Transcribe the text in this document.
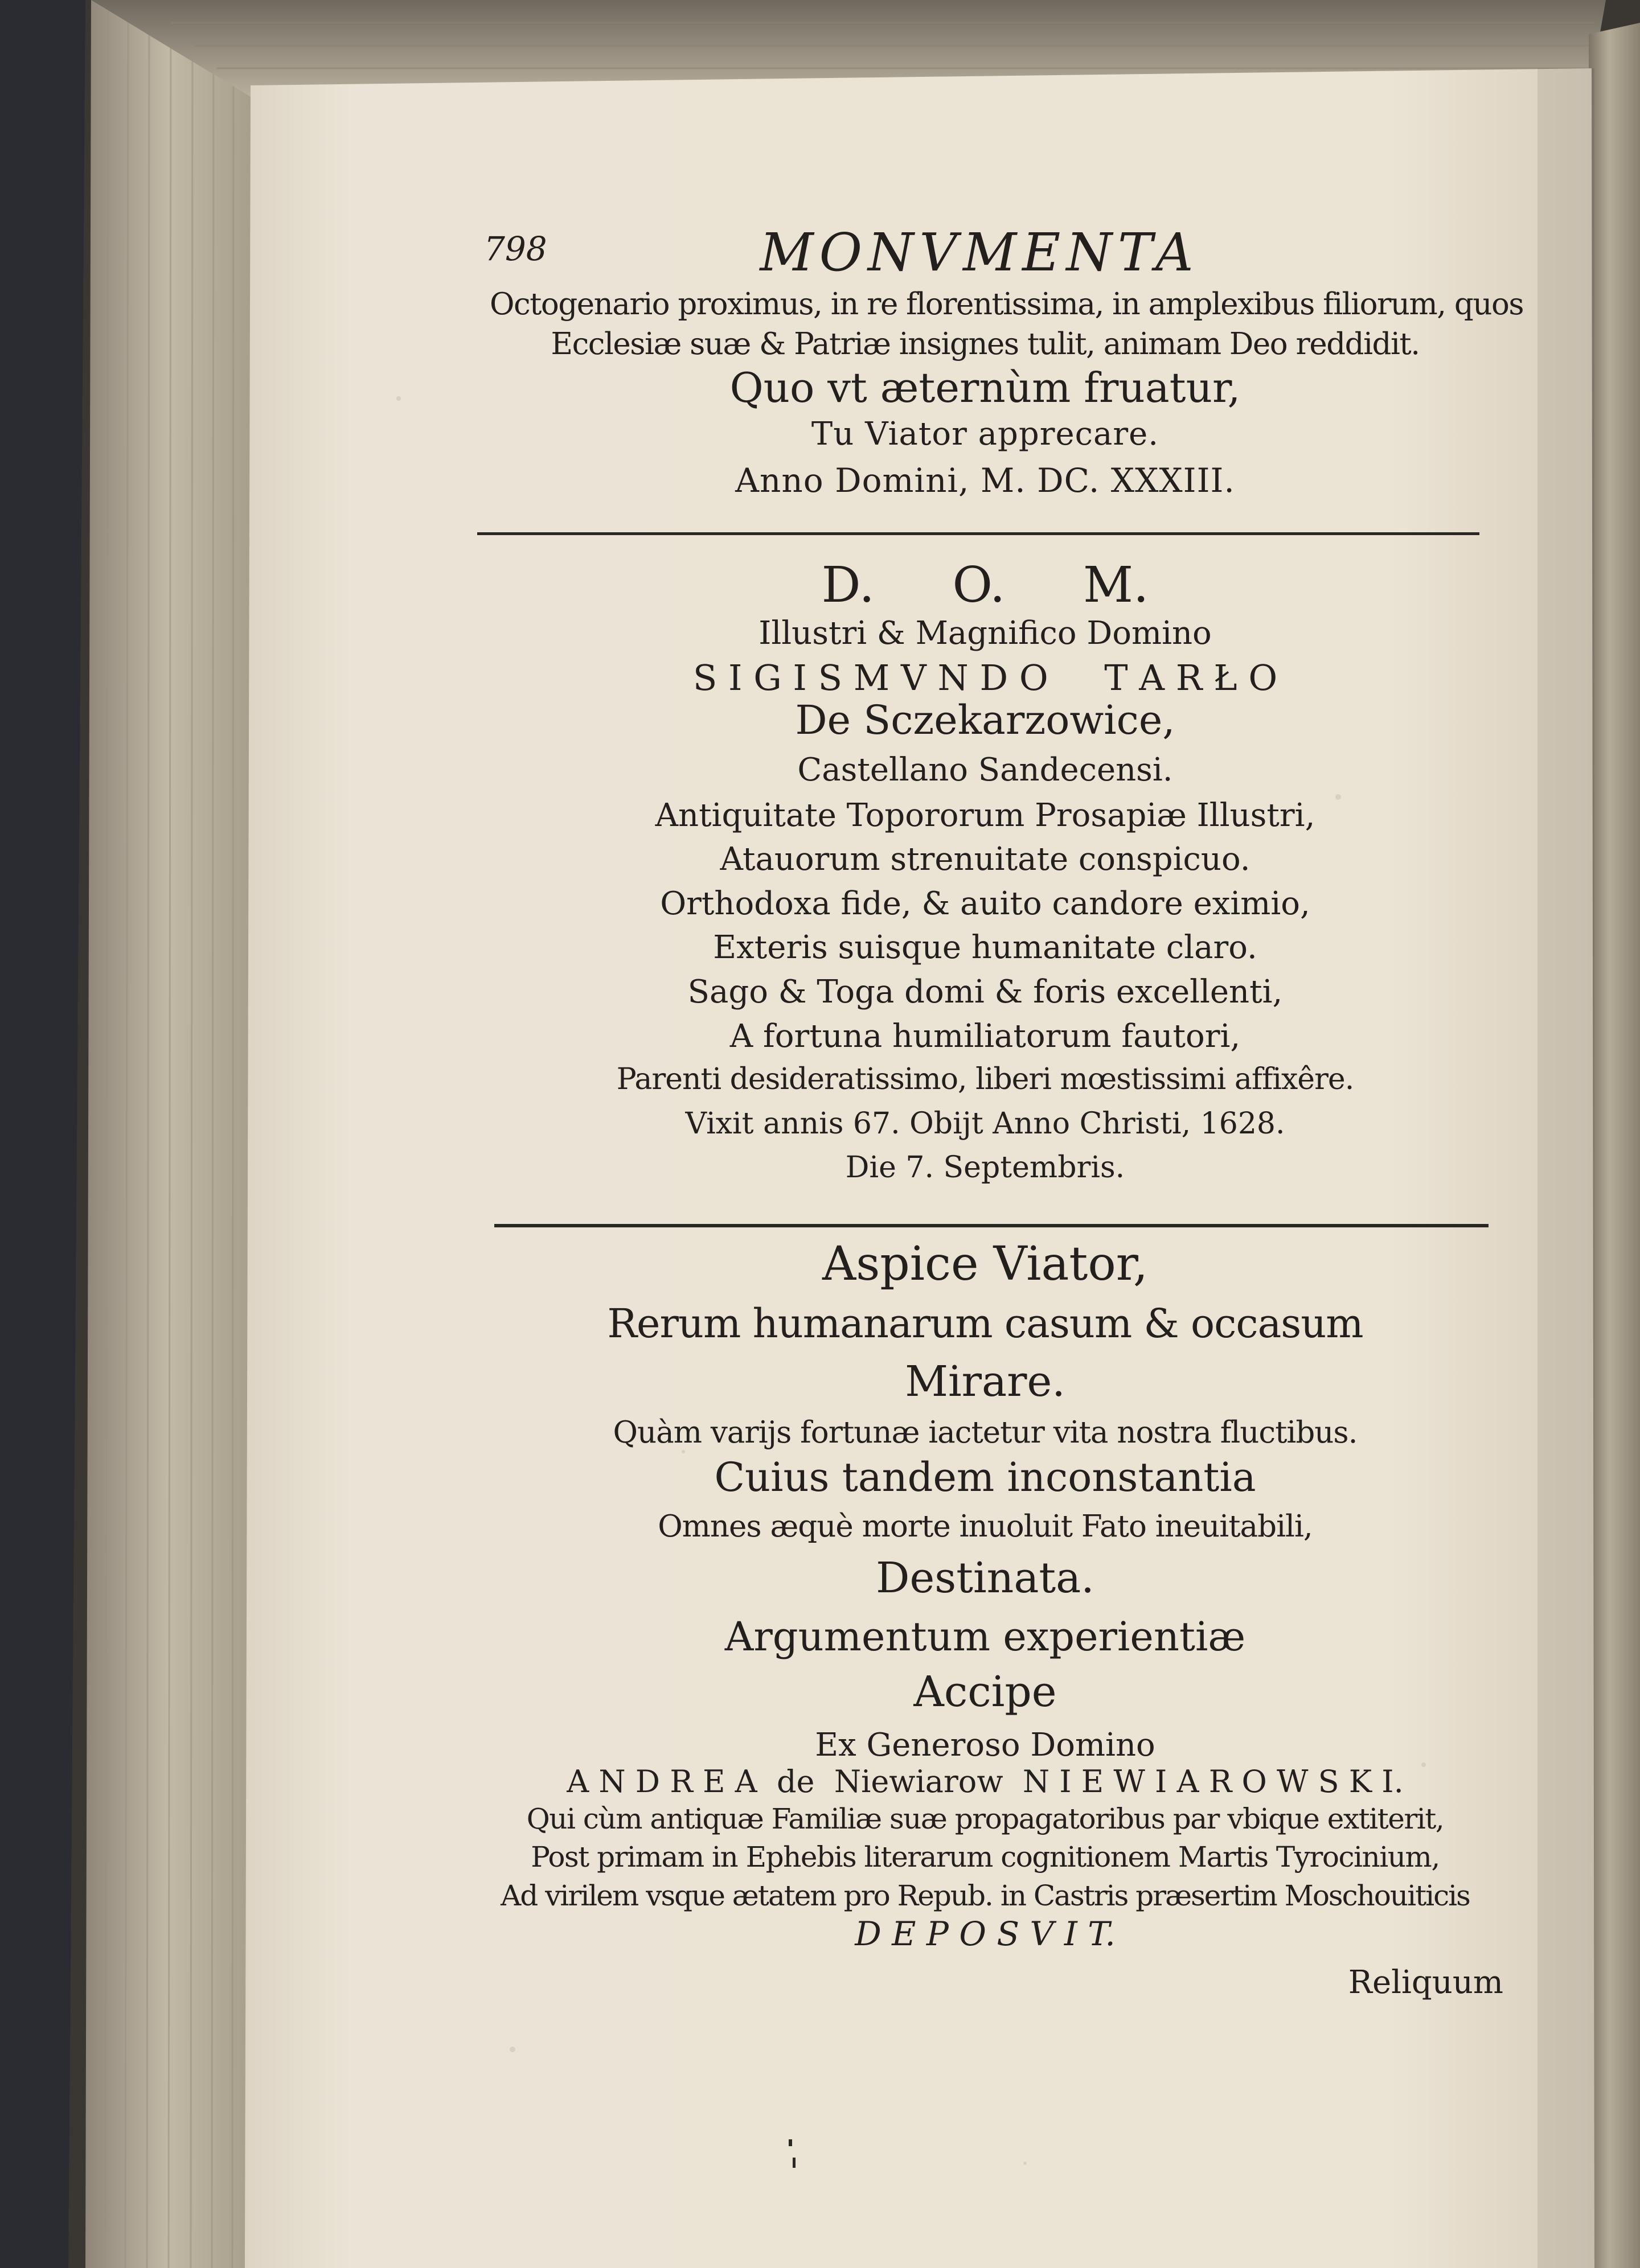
798	MONVMENTA
Octogenario proximus, in re florentissima, in amplexibus filiorum, quos
Ecclesiæ suæ & Patriæ insignes tulit, animam Deo reddidit.
Quo vt æternùm fruatur,
Tu Viator apprecare.
Anno Domini, M. DC. XXXIII.
D.     O.     M.
Illustri & Magnifico Domino
S I G I S M V N D O     T A R Ł O
De Sczekarzowice,
Castellano Sandecensi.
Antiquitate Topororum Prosapiæ Illustri,
Atauorum strenuitate conspicuo.
Orthodoxa fide, & auito candore eximio,
Exteris suisque humanitate claro.
Sago & Toga domi & foris excellenti,
A fortuna humiliatorum fautori,
Parenti desideratissimo, liberi mœstissimi affixêre.
Vixit annis 67. Obijt Anno Christi, 1628.
Die 7. Septembris.
Aspice Viator,
Rerum humanarum casum & occasum
Mirare.
Quàm varijs fortunæ iactetur vita nostra fluctibus.
Cuius tandem inconstantia
Omnes æquè morte inuoluit Fato ineuitabili,
Destinata.
Argumentum experientiæ
Accipe
Ex Generoso Domino
A N D R E A  de  Niewiarow  N I E W I A R O W S K I.
Qui cùm antiquæ Familiæ suæ propagatoribus par vbique extiterit,
Post primam in Ephebis literarum cognitionem Martis Tyrocinium,
Ad virilem vsque ætatem pro Repub. in Castris præsertim Moschouiticis
D E P O S V I T.
Reliquum
